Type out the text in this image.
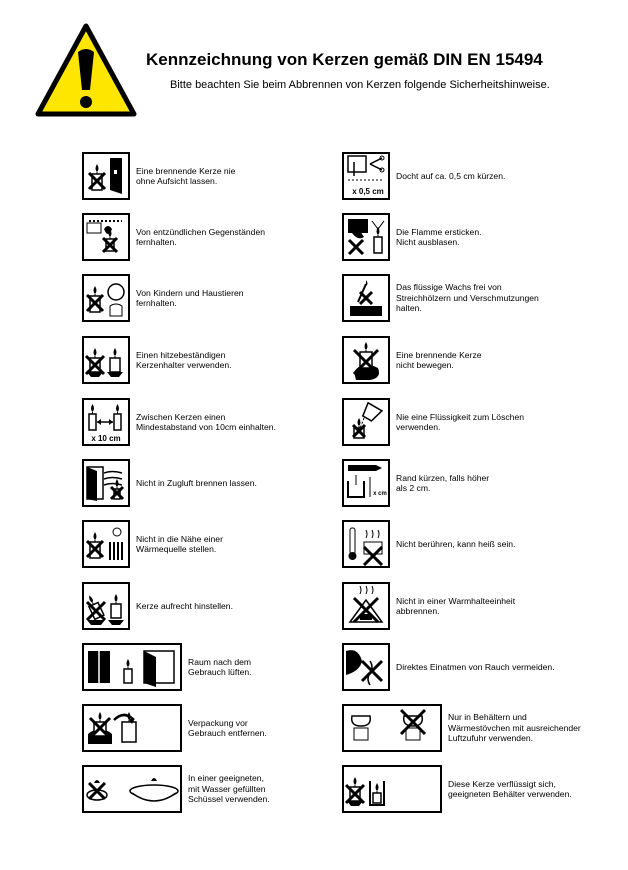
Kennzeichnung von Kerzen gemäß DIN EN 15494
Bitte beachten Sie beim Abbrennen von Kerzen folgende Sicherheitshinweise.
Eine brennende Kerze nie
ohne Aufsicht lassen.
Von entzündlichen Gegenständen
fernhalten.
Von Kindern und Haustieren
fernhalten.
Einen hitzebeständigen
Kerzenhalter verwenden.
x 10 cm
Zwischen Kerzen einen
Mindestabstand von 10cm einhalten.
Nicht in Zugluft brennen lassen.
Nicht in die Nähe einer
Wärmequelle stellen.
Kerze aufrecht hinstellen.
Raum nach dem
Gebrauch lüften.
Verpackung vor
Gebrauch entfernen.
In einer geeigneten,
mit Wasser gefüllten
Schüssel verwenden.
x 0,5 cm
Docht auf ca. 0,5 cm kürzen.
Die Flamme ersticken.
Nicht ausblasen.
Das flüssige Wachs frei von
Streichhölzern und Verschmutzungen
halten.
Eine brennende Kerze
nicht bewegen.
Nie eine Flüssigkeit zum Löschen
verwenden.
x cm
Rand kürzen, falls höher
als 2 cm.
Nicht berühren, kann heiß sein.
Nicht in einer Warmhalteeinheit
abbrennen.
Direktes Einatmen von Rauch vermeiden.
Nur in Behältern und
Wärmestövchen mit ausreichender
Luftzufuhr verwenden.
Diese Kerze verflüssigt sich,
geeigneten Behälter verwenden.
